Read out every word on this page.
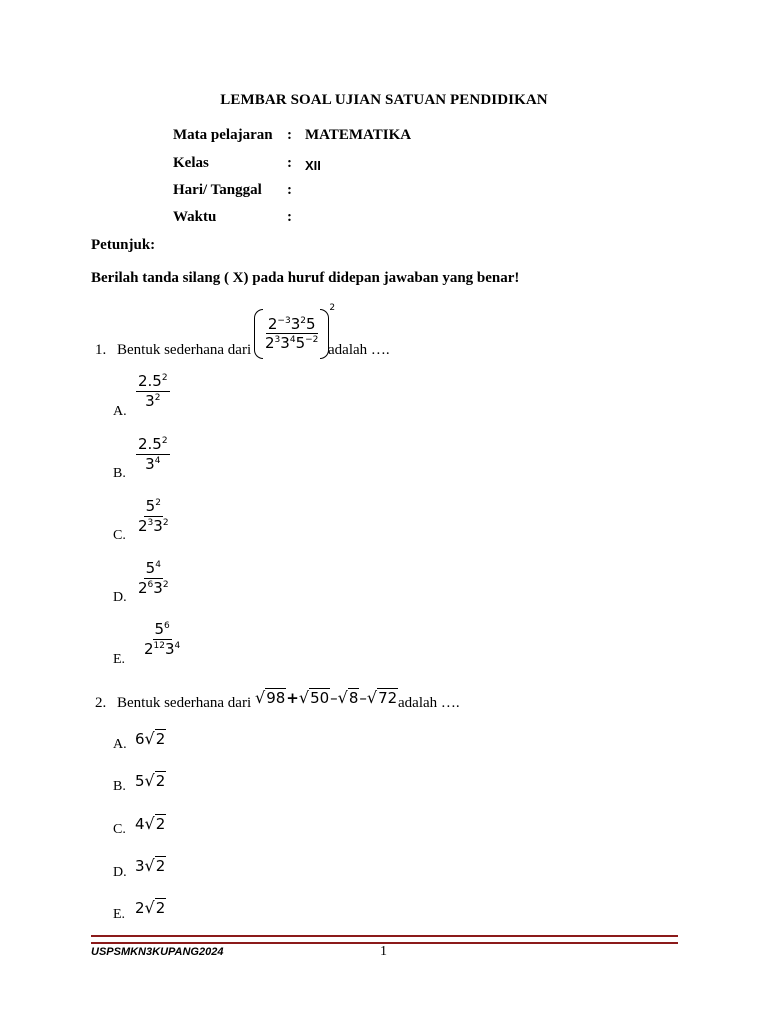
LEMBAR SOAL UJIAN SATUAN PENDIDIKAN
Mata pelajaran : MATEMATIKA
Kelas	: XII
Hari/ Tanggal :
Waktu	:
Petunjuk:
Berilah tanda silang ( X) pada huruf didepan jawaban yang benar!
1. Bentuk sederhana dari $\frac{2^{-3}3^25}{2^33^45^{-2}}$
$^2$
adalah ….
A.
$\frac{2.5^2}{3^2}$
B.
$\frac{2.5^2}{3^4}$
C.
$\frac{5^2}{2^33^2}$
D.
$\frac{5^4}{2^63^2}$
E.
$\frac{5^6}{2^{12}3^4}$
2. Bentuk sederhana dari √98+√50–√8–√72 adalah ….
A. 6√2
B. 5√2
C. 4√2
D. 3√2
E. 2√2
USPSMKN3KUPANG2024	1
